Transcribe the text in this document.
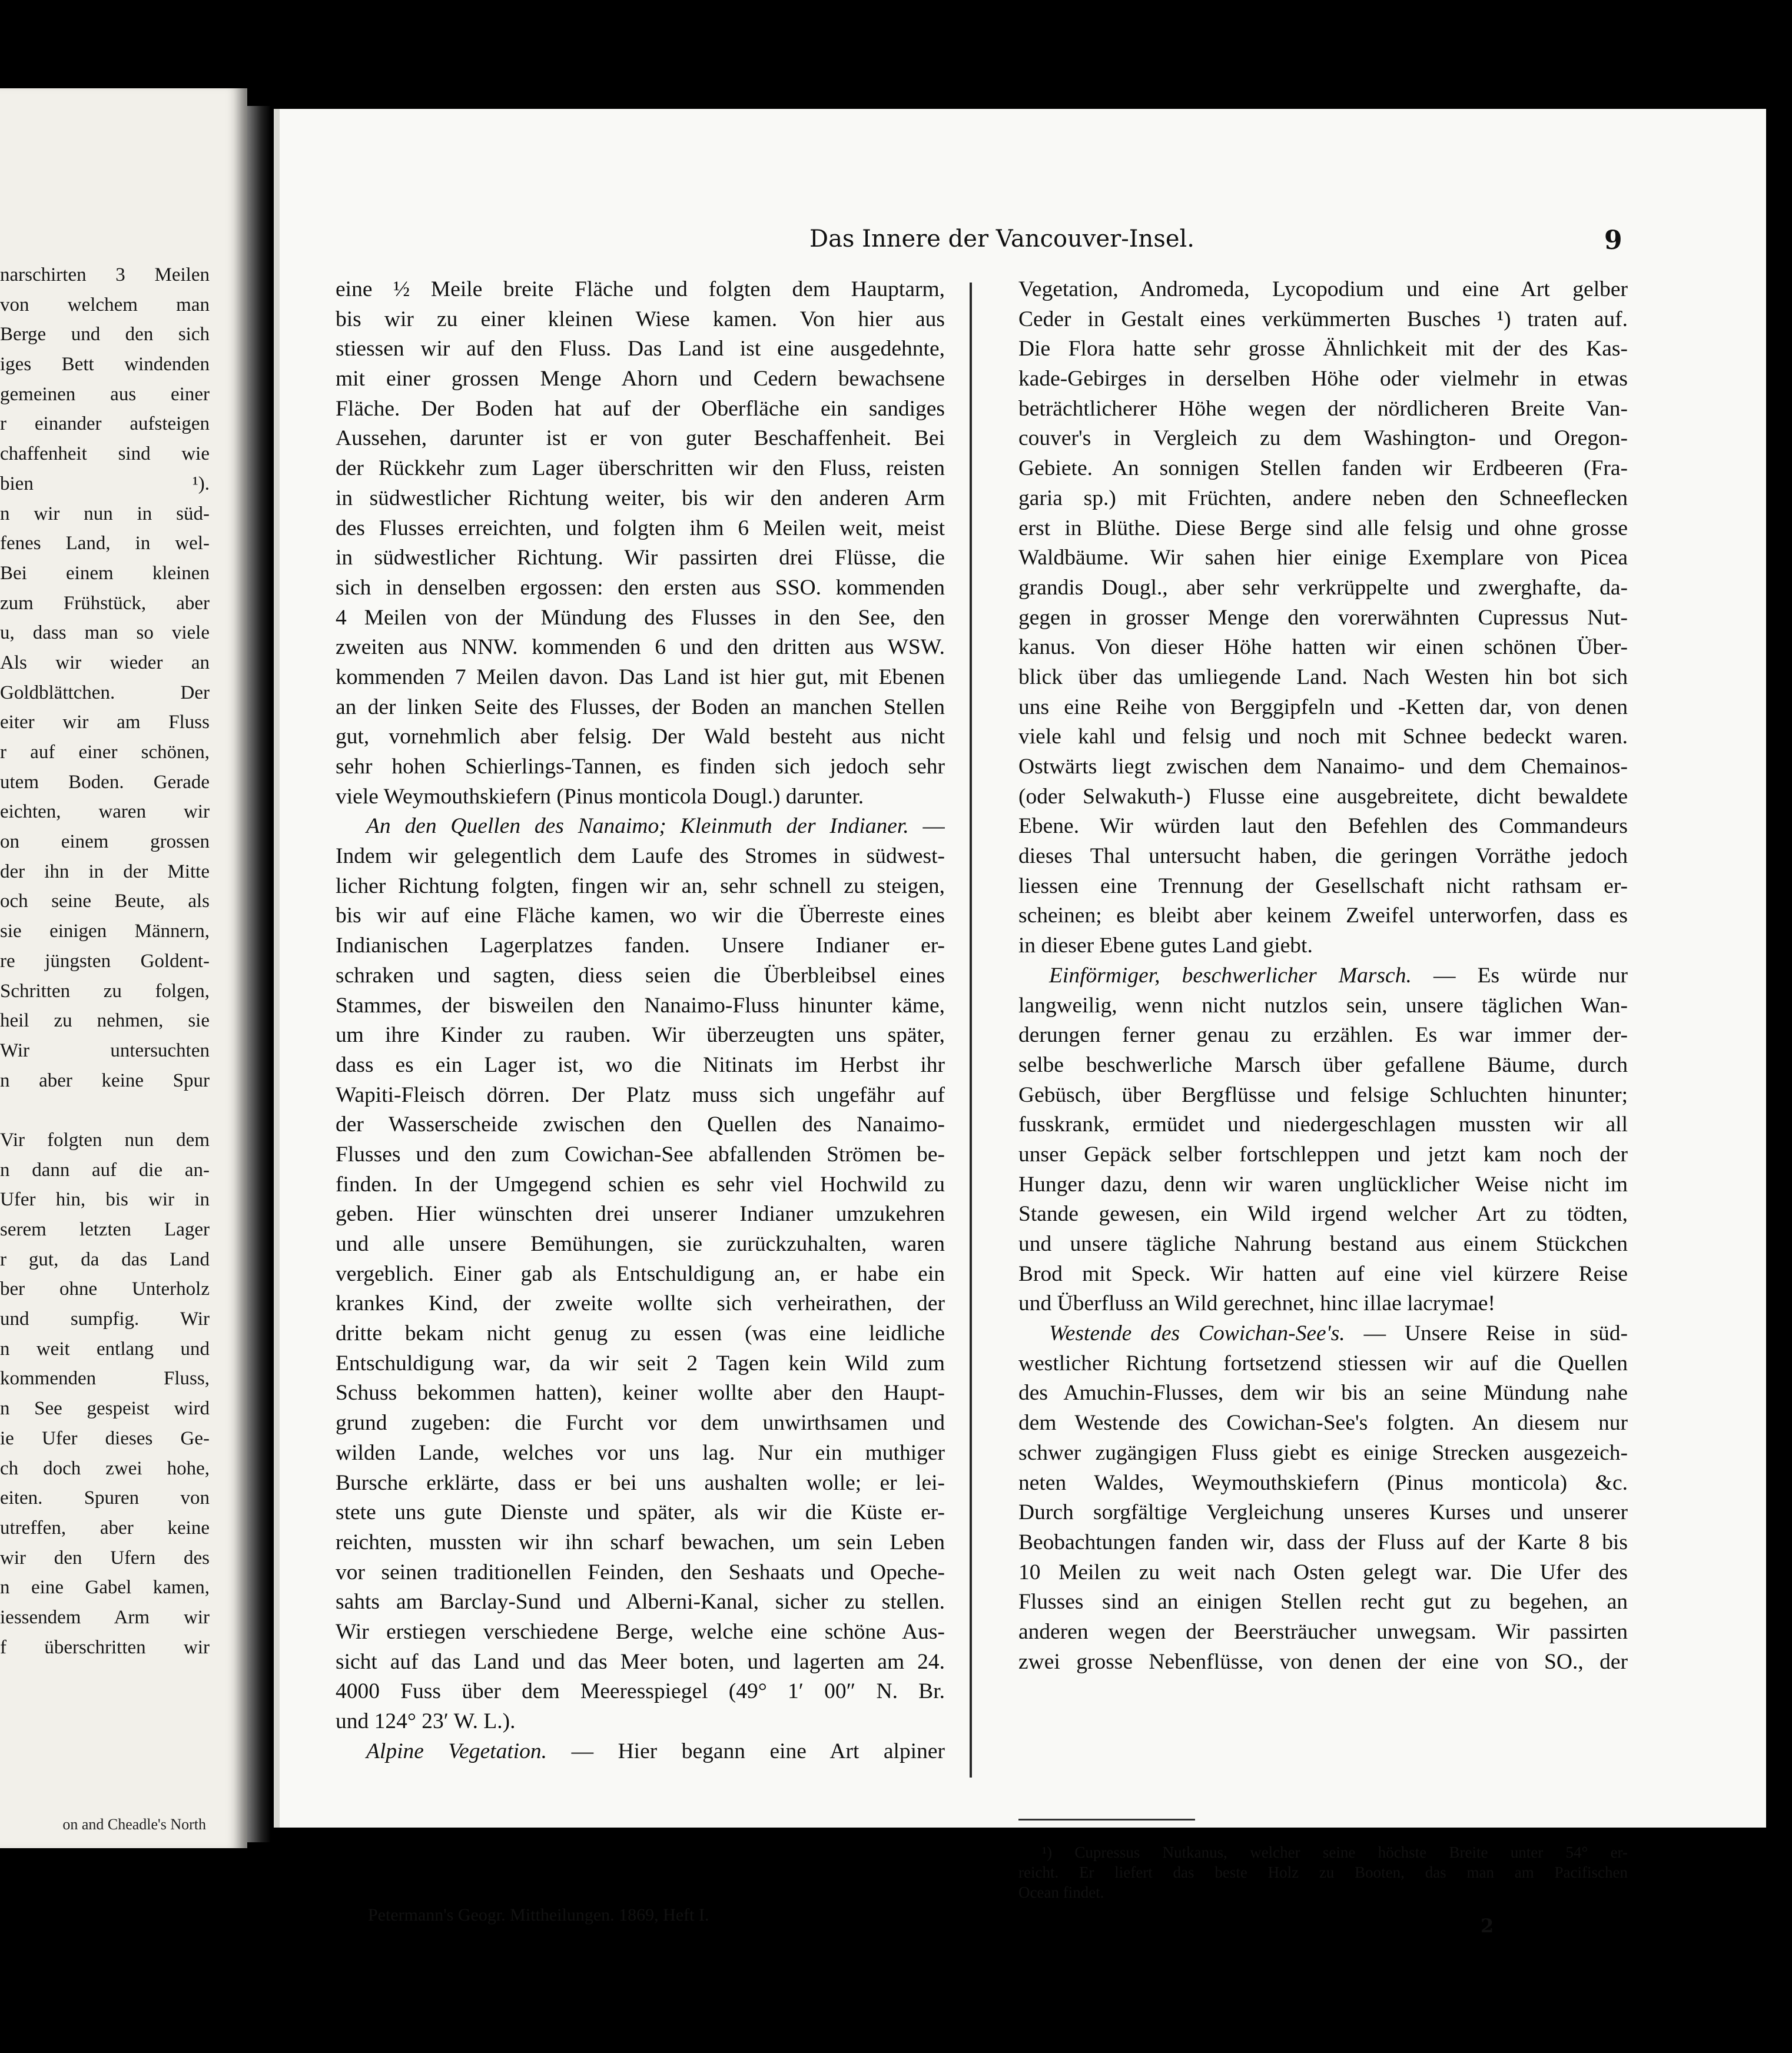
narschirten 3 Meilen
von welchem man
Berge und den sich
iges Bett windenden
gemeinen aus einer
r einander aufsteigen
chaffenheit sind wie
bien ¹).
n wir nun in süd-
fenes Land, in wel-
Bei einem kleinen
zum Frühstück, aber
u, dass man so viele
Als wir wieder an
Goldblättchen. Der
eiter wir am Fluss
r auf einer schönen,
utem Boden. Gerade
eichten, waren wir
on einem grossen
der ihn in der Mitte
och seine Beute, als
sie einigen Männern,
re jüngsten Goldent-
Schritten zu folgen,
heil zu nehmen, sie
Wir untersuchten
n aber keine Spur
Vir folgten nun dem
n dann auf die an-
Ufer hin, bis wir in
serem letzten Lager
r gut, da das Land
ber ohne Unterholz
und sumpfig. Wir
n weit entlang und
kommenden Fluss,
n See gespeist wird
ie Ufer dieses Ge-
ch doch zwei hohe,
eiten. Spuren von
utreffen, aber keine
wir den Ufern des
n eine Gabel kamen,
iessendem Arm wir
f überschritten wir
on and Cheadle's North
Das Innere der Vancouver-Insel.	9
eine ½ Meile breite Fläche und folgten dem Hauptarm,
bis wir zu einer kleinen Wiese kamen. Von hier aus
stiessen wir auf den Fluss. Das Land ist eine ausgedehnte,
mit einer grossen Menge Ahorn und Cedern bewachsene
Fläche. Der Boden hat auf der Oberfläche ein sandiges
Aussehen, darunter ist er von guter Beschaffenheit. Bei
der Rückkehr zum Lager überschritten wir den Fluss, reisten
in südwestlicher Richtung weiter, bis wir den anderen Arm
des Flusses erreichten, und folgten ihm 6 Meilen weit, meist
in südwestlicher Richtung. Wir passirten drei Flüsse, die
sich in denselben ergossen: den ersten aus SSO. kommenden
4 Meilen von der Mündung des Flusses in den See, den
zweiten aus NNW. kommenden 6 und den dritten aus WSW.
kommenden 7 Meilen davon. Das Land ist hier gut, mit Ebenen
an der linken Seite des Flusses, der Boden an manchen Stellen
gut, vornehmlich aber felsig. Der Wald besteht aus nicht
sehr hohen Schierlings-Tannen, es finden sich jedoch sehr
viele Weymouthskiefern (Pinus monticola Dougl.) darunter.
An den Quellen des Nanaimo; Kleinmuth der Indianer. —
Indem wir gelegentlich dem Laufe des Stromes in südwest-
licher Richtung folgten, fingen wir an, sehr schnell zu steigen,
bis wir auf eine Fläche kamen, wo wir die Überreste eines
Indianischen Lagerplatzes fanden. Unsere Indianer er-
schraken und sagten, diess seien die Überbleibsel eines
Stammes, der bisweilen den Nanaimo-Fluss hinunter käme,
um ihre Kinder zu rauben. Wir überzeugten uns später,
dass es ein Lager ist, wo die Nitinats im Herbst ihr
Wapiti-Fleisch dörren. Der Platz muss sich ungefähr auf
der Wasserscheide zwischen den Quellen des Nanaimo-
Flusses und den zum Cowichan-See abfallenden Strömen be-
finden. In der Umgegend schien es sehr viel Hochwild zu
geben. Hier wünschten drei unserer Indianer umzukehren
und alle unsere Bemühungen, sie zurückzuhalten, waren
vergeblich. Einer gab als Entschuldigung an, er habe ein
krankes Kind, der zweite wollte sich verheirathen, der
dritte bekam nicht genug zu essen (was eine leidliche
Entschuldigung war, da wir seit 2 Tagen kein Wild zum
Schuss bekommen hatten), keiner wollte aber den Haupt-
grund zugeben: die Furcht vor dem unwirthsamen und
wilden Lande, welches vor uns lag. Nur ein muthiger
Bursche erklärte, dass er bei uns aushalten wolle; er lei-
stete uns gute Dienste und später, als wir die Küste er-
reichten, mussten wir ihn scharf bewachen, um sein Leben
vor seinen traditionellen Feinden, den Seshaats und Opeche-
sahts am Barclay-Sund und Alberni-Kanal, sicher zu stellen.
Wir erstiegen verschiedene Berge, welche eine schöne Aus-
sicht auf das Land und das Meer boten, und lagerten am 24.
4000 Fuss über dem Meeresspiegel (49° 1′ 00″ N. Br.
und 124° 23′ W. L.).
Alpine Vegetation. — Hier begann eine Art alpiner
Vegetation, Andromeda, Lycopodium und eine Art gelber
Ceder in Gestalt eines verkümmerten Busches ¹) traten auf.
Die Flora hatte sehr grosse Ähnlichkeit mit der des Kas-
kade-Gebirges in derselben Höhe oder vielmehr in etwas
beträchtlicherer Höhe wegen der nördlicheren Breite Van-
couver's in Vergleich zu dem Washington- und Oregon-
Gebiete. An sonnigen Stellen fanden wir Erdbeeren (Fra-
garia sp.) mit Früchten, andere neben den Schneeflecken
erst in Blüthe. Diese Berge sind alle felsig und ohne grosse
Waldbäume. Wir sahen hier einige Exemplare von Picea
grandis Dougl., aber sehr verkrüppelte und zwerghafte, da-
gegen in grosser Menge den vorerwähnten Cupressus Nut-
kanus. Von dieser Höhe hatten wir einen schönen Über-
blick über das umliegende Land. Nach Westen hin bot sich
uns eine Reihe von Berggipfeln und -Ketten dar, von denen
viele kahl und felsig und noch mit Schnee bedeckt waren.
Ostwärts liegt zwischen dem Nanaimo- und dem Chemainos-
(oder Selwakuth-) Flusse eine ausgebreitete, dicht bewaldete
Ebene. Wir würden laut den Befehlen des Commandeurs
dieses Thal untersucht haben, die geringen Vorräthe jedoch
liessen eine Trennung der Gesellschaft nicht rathsam er-
scheinen; es bleibt aber keinem Zweifel unterworfen, dass es
in dieser Ebene gutes Land giebt.
Einförmiger, beschwerlicher Marsch. — Es würde nur
langweilig, wenn nicht nutzlos sein, unsere täglichen Wan-
derungen ferner genau zu erzählen. Es war immer der-
selbe beschwerliche Marsch über gefallene Bäume, durch
Gebüsch, über Bergflüsse und felsige Schluchten hinunter;
fusskrank, ermüdet und niedergeschlagen mussten wir all
unser Gepäck selber fortschleppen und jetzt kam noch der
Hunger dazu, denn wir waren unglücklicher Weise nicht im
Stande gewesen, ein Wild irgend welcher Art zu tödten,
und unsere tägliche Nahrung bestand aus einem Stückchen
Brod mit Speck. Wir hatten auf eine viel kürzere Reise
und Überfluss an Wild gerechnet, hinc illae lacrymae!
Westende des Cowichan-See's. — Unsere Reise in süd-
westlicher Richtung fortsetzend stiessen wir auf die Quellen
des Amuchin-Flusses, dem wir bis an seine Mündung nahe
dem Westende des Cowichan-See's folgten. An diesem nur
schwer zugängigen Fluss giebt es einige Strecken ausgezeich-
neten Waldes, Weymouthskiefern (Pinus monticola) &c.
Durch sorgfältige Vergleichung unseres Kurses und unserer
Beobachtungen fanden wir, dass der Fluss auf der Karte 8 bis
10 Meilen zu weit nach Osten gelegt war. Die Ufer des
Flusses sind an einigen Stellen recht gut zu begehen, an
anderen wegen der Beersträucher unwegsam. Wir passirten
zwei grosse Nebenflüsse, von denen der eine von SO., der
Petermann's Geogr. Mittheilungen. 1869, Heft I.
¹) Cupressus Nutkanus, welcher seine höchste Breite unter 54° er-
reicht. Er liefert das beste Holz zu Booten, das man am Pacifischen
Ocean findet.
2
